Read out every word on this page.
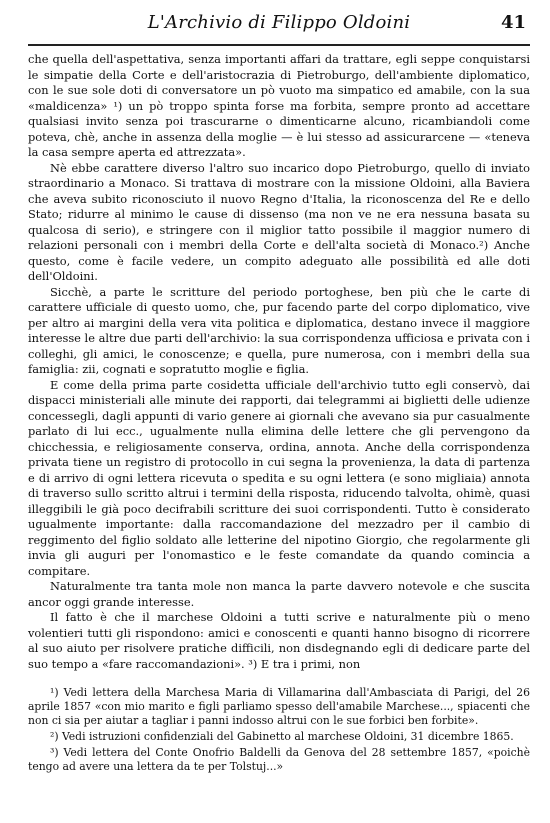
L'Archivio di Filippo Oldoini	41

che quella dell'aspettativa, senza importanti affari da trattare, egli seppe conquistarsi le simpatie della Corte e dell'aristocrazia di Pietroburgo, dell'ambiente diplomatico, con le sue sole doti di conversatore un pò vuoto ma simpatico ed amabile, con la sua «maldicenza» ¹) un pò troppo spinta forse ma forbita, sempre pronto ad accettare qualsiasi invito senza poi trascurarne o dimenticarne alcuno, ricambiandoli come poteva, chè, anche in assenza della moglie — è lui stesso ad assicurarcene — «teneva la casa sempre aperta ed attrezzata».

Nè ebbe carattere diverso l'altro suo incarico dopo Pietroburgo, quello di inviato straordinario a Monaco. Si trattava di mostrare con la missione Oldoini, alla Baviera che aveva subito riconosciuto il nuovo Regno d'Italia, la riconoscenza del Re e dello Stato; ridurre al minimo le cause di dissenso (ma non ve ne era nessuna basata su qualcosa di serio), e stringere con il miglior tatto possibile il maggior numero di relazioni personali con i membri della Corte e dell'alta società di Monaco.²) Anche questo, come è facile vedere, un compito adeguato alle possibilità ed alle doti dell'Oldoini.

Sicchè, a parte le scritture del periodo portoghese, ben più che le carte di carattere ufficiale di questo uomo, che, pur facendo parte del corpo diplomatico, vive per altro ai margini della vera vita politica e diplomatica, destano invece il maggiore interesse le altre due parti dell'archivio: la sua corrispondenza ufficiosa e privata con i colleghi, gli amici, le conoscenze; e quella, pure numerosa, con i membri della sua famiglia: zii, cognati e sopratutto moglie e figlia.

E come della prima parte cosidetta ufficiale dell'archivio tutto egli conservò, dai dispacci ministeriali alle minute dei rapporti, dai telegrammi ai biglietti delle udienze concessegli, dagli appunti di vario genere ai giornali che avevano sia pur casualmente parlato di lui ecc., ugualmente nulla elimina delle lettere che gli pervengono da chicchessia, e religiosamente conserva, ordina, annota. Anche della corrispondenza privata tiene un registro di protocollo in cui segna la provenienza, la data di partenza e di arrivo di ogni lettera ricevuta o spedita e su ogni lettera (e sono migliaia) annota di traverso sullo scritto altrui i termini della risposta, riducendo talvolta, ohimè, quasi illeggibili le già poco decifrabili scritture dei suoi corrispondenti. Tutto è considerato ugualmente importante: dalla raccomandazione del mezzadro per il cambio di reggimento del figlio soldato alle letterine del nipotino Giorgio, che regolarmente gli invia gli auguri per l'onomastico e le feste comandate da quando comincia a compitare.

Naturalmente tra tanta mole non manca la parte davvero notevole e che suscita ancor oggi grande interesse.

Il fatto è che il marchese Oldoini a tutti scrive e naturalmente più o meno volentieri tutti gli rispondono: amici e conoscenti e quanti hanno bisogno di ricorrere al suo aiuto per risolvere pratiche difficili, non disdegnando egli di dedicare parte del suo tempo a «fare raccomandazioni». ³) E tra i primi, non

¹) Vedi lettera della Marchesa Maria di Villamarina dall'Ambasciata di Parigi, del 26 aprile 1857 «con mio marito e figli parliamo spesso dell'amabile Marchese..., spiacenti che non ci sia per aiutar a tagliar i panni indosso altrui con le sue forbici ben forbite».

²) Vedi istruzioni confidenziali del Gabinetto al marchese Oldoini, 31 dicembre 1865.

³) Vedi lettera del Conte Onofrio Baldelli da Genova del 28 settembre 1857, «poichè tengo ad avere una lettera da te per Tolstuj...»
